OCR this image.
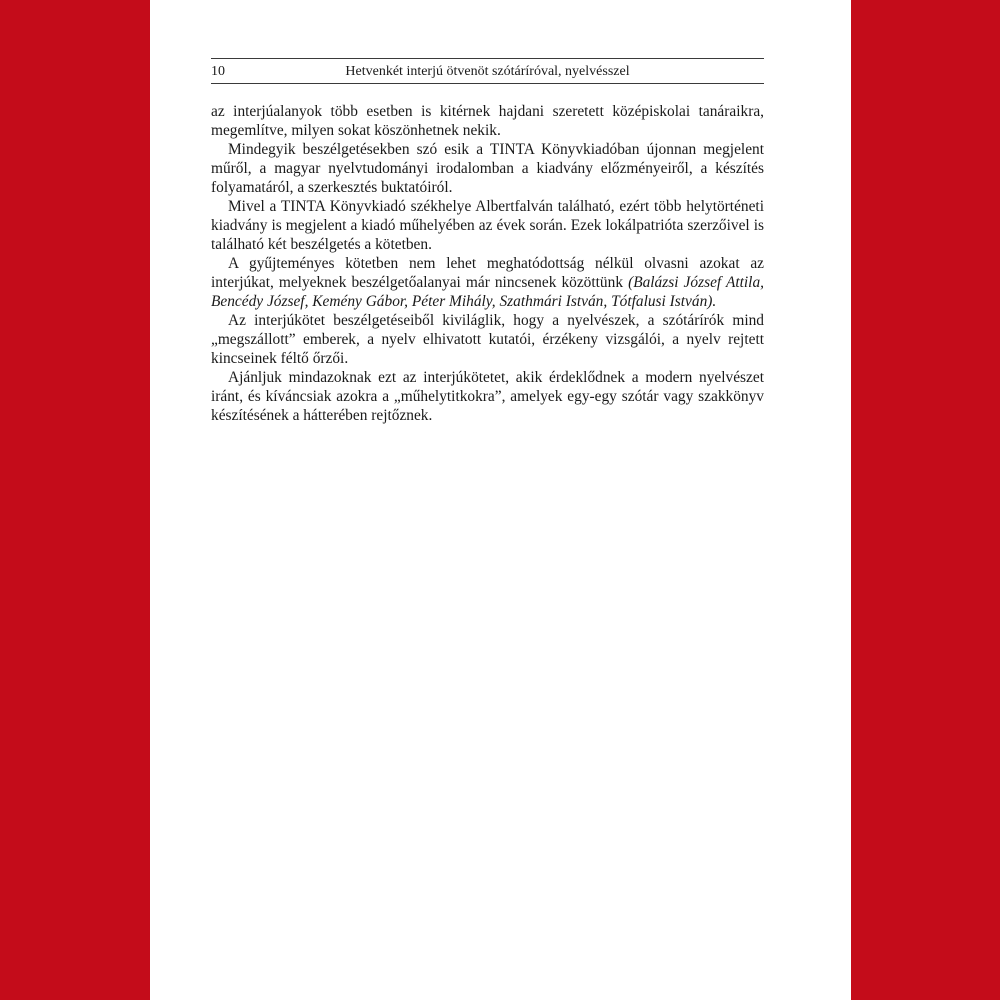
10	Hetvenkét interjú ötvenöt szótáríróval, nyelvésszel

az interjúalanyok több esetben is kitérnek hajdani szeretett középiskolai tanáraikra, megemlítve, milyen sokat köszönhetnek nekik.

Mindegyik beszélgetésekben szó esik a TINTA Könyvkiadóban újonnan megjelent műről, a magyar nyelvtudományi irodalomban a kiadvány előzményeiről, a készítés folyamatáról, a szerkesztés buktatóiról.

Mivel a TINTA Könyvkiadó székhelye Albertfalván található, ezért több helytörténeti kiadvány is megjelent a kiadó műhelyében az évek során. Ezek lokálpatrióta szerzőivel is található két beszélgetés a kötetben.

A gyűjteményes kötetben nem lehet meghatódottság nélkül olvasni azokat az interjúkat, melyeknek beszélgetőalanyai már nincsenek közöttünk (Balázsi József Attila, Bencédy József, Kemény Gábor, Péter Mihály, Szathmári István, Tótfalusi István).

Az interjúkötet beszélgetéseiből kiviláglik, hogy a nyelvészek, a szótárírók mind „megszállott” emberek, a nyelv elhivatott kutatói, érzékeny vizsgálói, a nyelv rejtett kincseinek féltő őrzői.

Ajánljuk mindazoknak ezt az interjúkötetet, akik érdeklődnek a modern nyelvészet iránt, és kíváncsiak azokra a „műhelytitkokra”, amelyek egy-egy szótár vagy szakkönyv készítésének a hátterében rejtőznek.
